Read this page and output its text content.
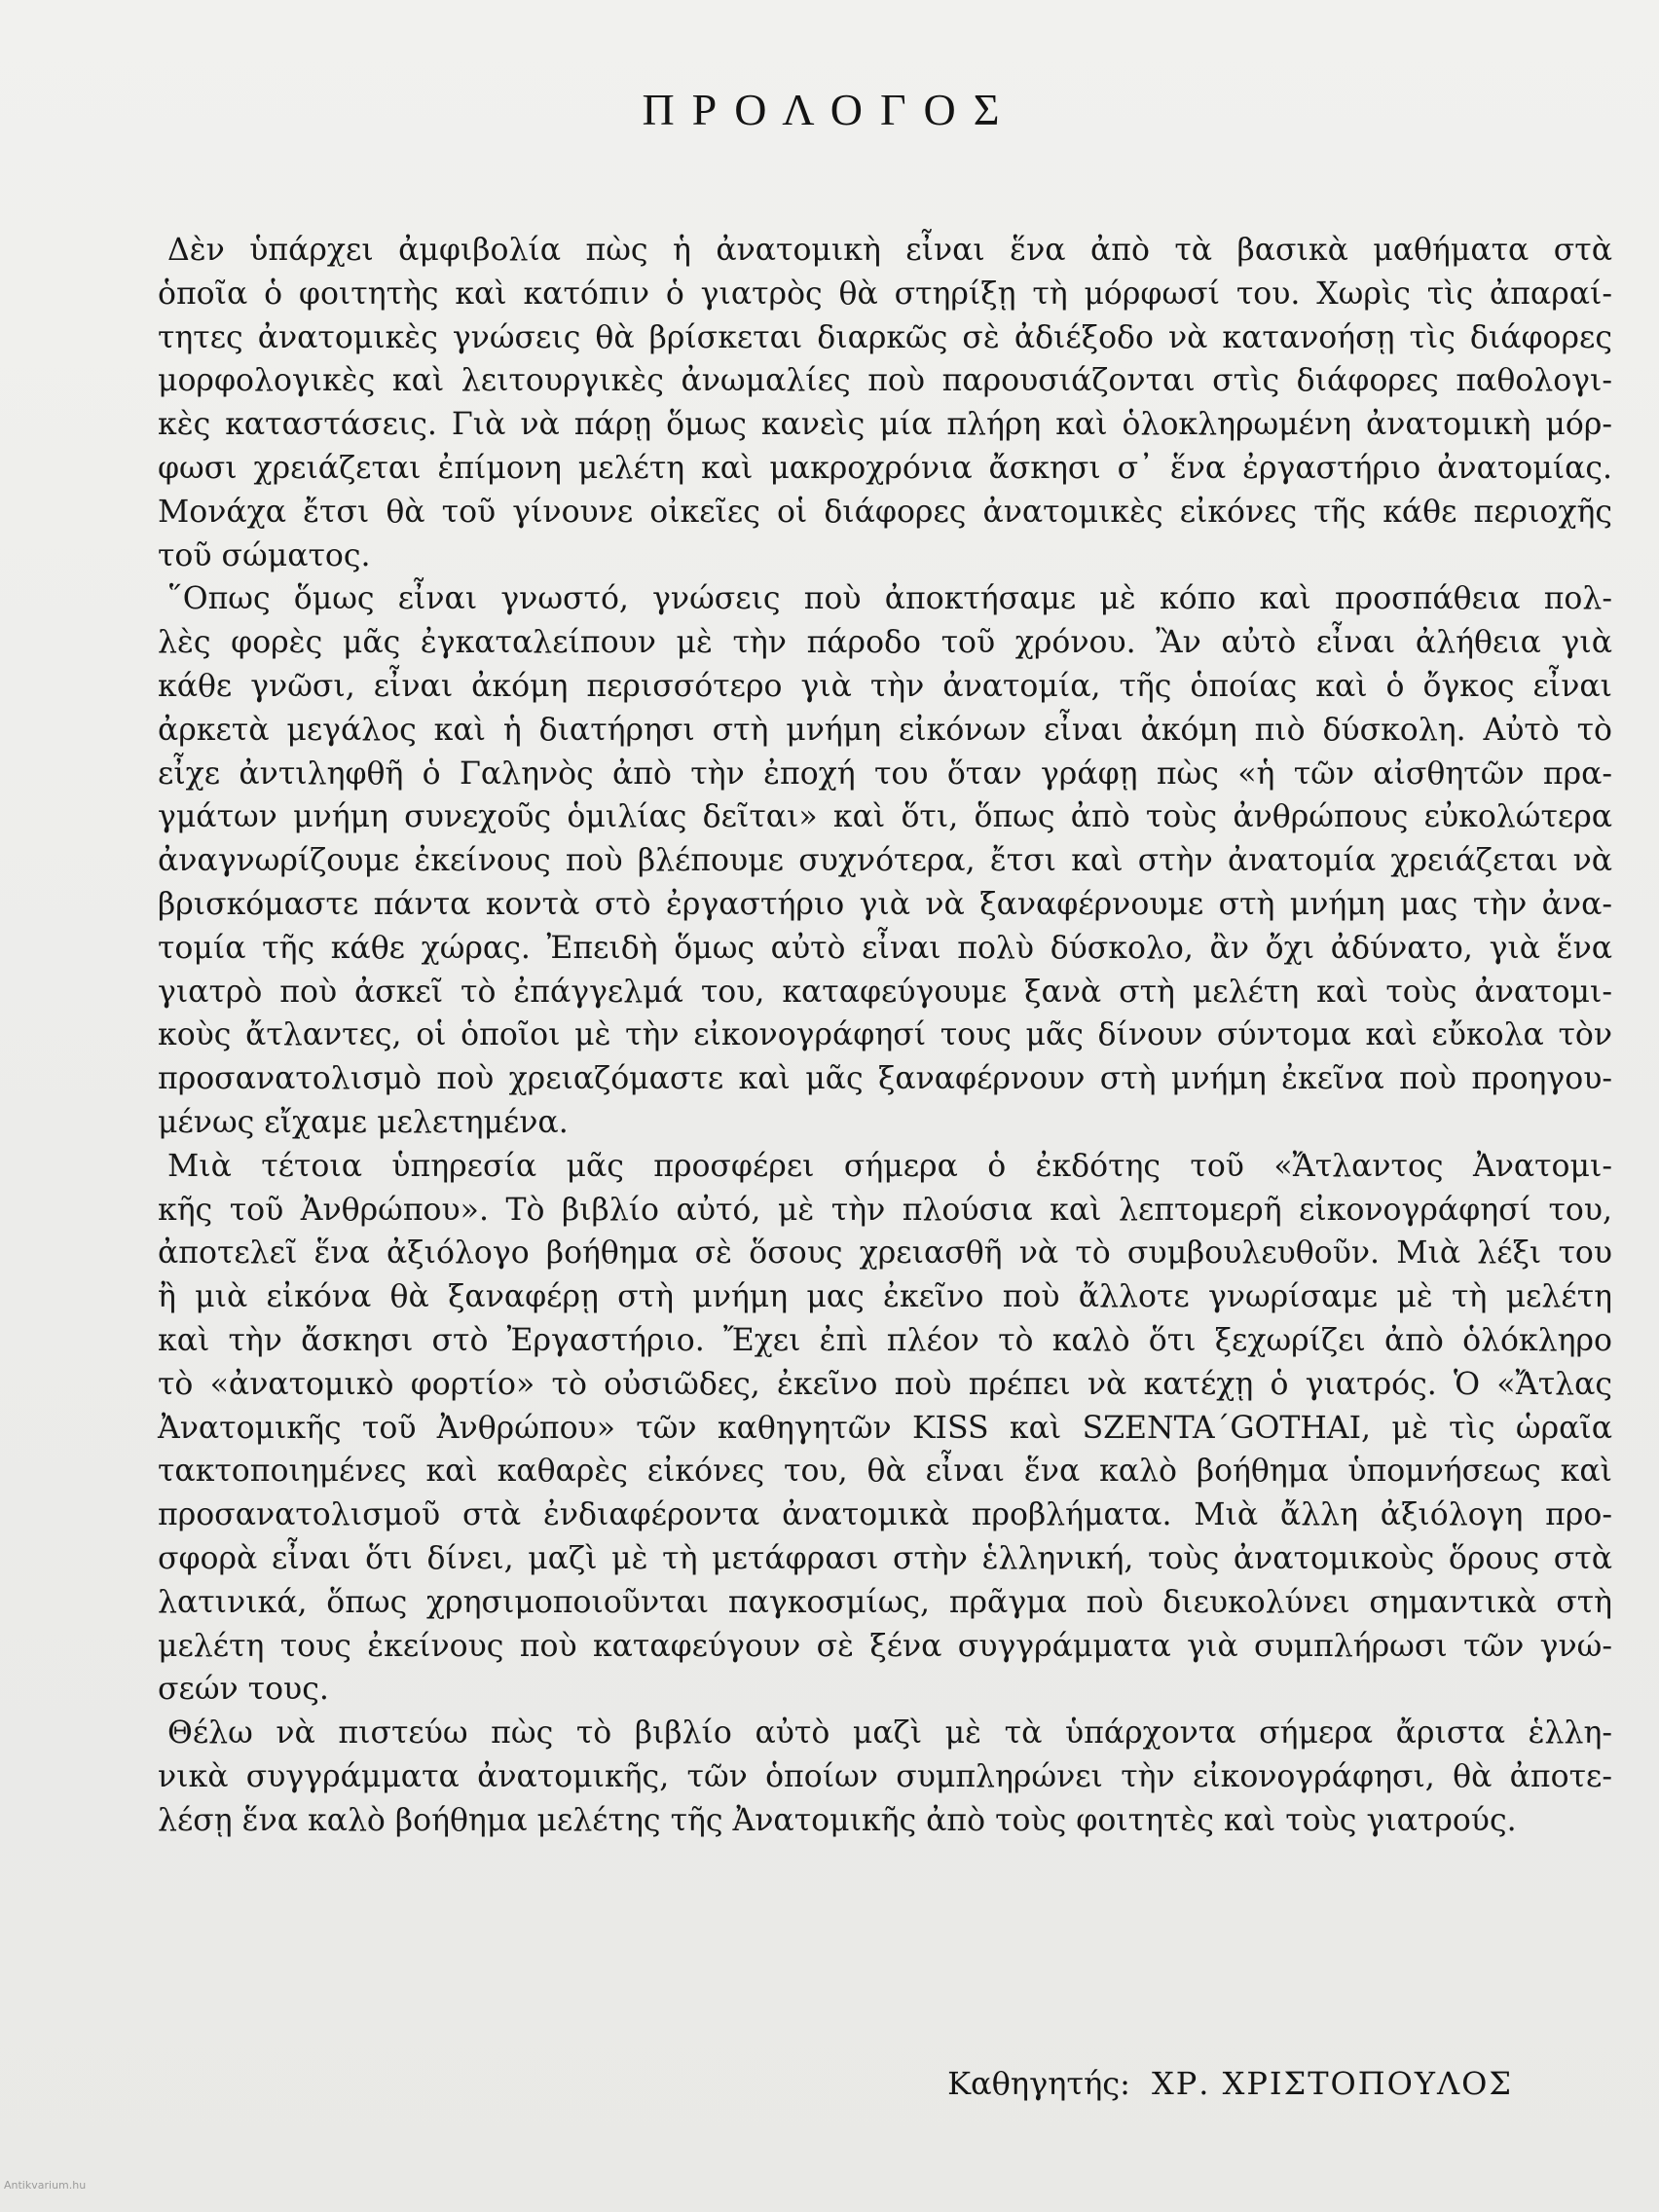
ΠΡΟΛΟΓΟΣ
Δὲν ὑπάρχει ἀμφιβολία πὼς ἡ ἀνατομικὴ εἶναι ἕνα ἀπὸ τὰ βασικὰ μαθήματα στὰ
ὁποῖα ὁ φοιτητὴς καὶ κατόπιν ὁ γιατρὸς θὰ στηρίξῃ τὴ μόρφωσί του. Χωρὶς τὶς ἀπαραί-
τητες ἀνατομικὲς γνώσεις θὰ βρίσκεται διαρκῶς σὲ ἀδιέξοδο νὰ κατανοήσῃ τὶς διάφορες
μορφολογικὲς καὶ λειτουργικὲς ἀνωμαλίες ποὺ παρουσιάζονται στὶς διάφορες παθολογι-
κὲς καταστάσεις. Γιὰ νὰ πάρῃ ὅμως κανεὶς μία πλήρη καὶ ὁλοκληρωμένη ἀνατομικὴ μόρ-
φωσι χρειάζεται ἐπίμονη μελέτη καὶ μακροχρόνια ἄσκησι σ᾽ ἕνα ἐργαστήριο ἀνατομίας.
Μονάχα ἔτσι θὰ τοῦ γίνουνε οἰκεῖες οἱ διάφορες ἀνατομικὲς εἰκόνες τῆς κάθε περιοχῆς
τοῦ σώματος.
῞Οπως ὅμως εἶναι γνωστό, γνώσεις ποὺ ἀποκτήσαμε μὲ κόπο καὶ προσπάθεια πολ-
λὲς φορὲς μᾶς ἐγκαταλείπουν μὲ τὴν πάροδο τοῦ χρόνου. Ἂν αὐτὸ εἶναι ἀλήθεια γιὰ
κάθε γνῶσι, εἶναι ἀκόμη περισσότερο γιὰ τὴν ἀνατομία, τῆς ὁποίας καὶ ὁ ὄγκος εἶναι
ἀρκετὰ μεγάλος καὶ ἡ διατήρησι στὴ μνήμη εἰκόνων εἶναι ἀκόμη πιὸ δύσκολη. Αὐτὸ τὸ
εἶχε ἀντιληφθῆ ὁ Γαληνὸς ἀπὸ τὴν ἐποχή του ὅταν γράφῃ πὼς «ἡ τῶν αἰσθητῶν πρα-
γμάτων μνήμη συνεχοῦς ὁμιλίας δεῖται» καὶ ὅτι, ὅπως ἀπὸ τοὺς ἀνθρώπους εὐκολώτερα
ἀναγνωρίζουμε ἐκείνους ποὺ βλέπουμε συχνότερα, ἔτσι καὶ στὴν ἀνατομία χρειάζεται νὰ
βρισκόμαστε πάντα κοντὰ στὸ ἐργαστήριο γιὰ νὰ ξαναφέρνουμε στὴ μνήμη μας τὴν ἀνα-
τομία τῆς κάθε χώρας. Ἐπειδὴ ὅμως αὐτὸ εἶναι πολὺ δύσκολο, ἂν ὄχι ἀδύνατο, γιὰ ἕνα
γιατρὸ ποὺ ἀσκεῖ τὸ ἐπάγγελμά του, καταφεύγουμε ξανὰ στὴ μελέτη καὶ τοὺς ἀνατομι-
κοὺς ἄτλαντες, οἱ ὁποῖοι μὲ τὴν εἰκονογράφησί τους μᾶς δίνουν σύντομα καὶ εὔκολα τὸν
προσανατολισμὸ ποὺ χρειαζόμαστε καὶ μᾶς ξαναφέρνουν στὴ μνήμη ἐκεῖνα ποὺ προηγου-
μένως εἴχαμε μελετημένα.
Μιὰ τέτοια ὑπηρεσία μᾶς προσφέρει σήμερα ὁ ἐκδότης τοῦ «Ἄτλαντος Ἀνατομι-
κῆς τοῦ Ἀνθρώπου». Τὸ βιβλίο αὐτό, μὲ τὴν πλούσια καὶ λεπτομερῆ εἰκονογράφησί του,
ἀποτελεῖ ἕνα ἀξιόλογο βοήθημα σὲ ὅσους χρειασθῆ νὰ τὸ συμβουλευθοῦν. Μιὰ λέξι του
ἢ μιὰ εἰκόνα θὰ ξαναφέρῃ στὴ μνήμη μας ἐκεῖνο ποὺ ἄλλοτε γνωρίσαμε μὲ τὴ μελέτη
καὶ τὴν ἄσκησι στὸ Ἐργαστήριο. Ἔχει ἐπὶ πλέον τὸ καλὸ ὅτι ξεχωρίζει ἀπὸ ὁλόκληρο
τὸ «ἀνατομικὸ φορτίο» τὸ οὐσιῶδες, ἐκεῖνο ποὺ πρέπει νὰ κατέχῃ ὁ γιατρός. Ὁ «Ἄτλας
Ἀνατομικῆς τοῦ Ἀνθρώπου» τῶν καθηγητῶν KISS καὶ SZENTA´GOTHAI, μὲ τὶς ὡραῖα
τακτοποιημένες καὶ καθαρὲς εἰκόνες του, θὰ εἶναι ἕνα καλὸ βοήθημα ὑπομνήσεως καὶ
προσανατολισμοῦ στὰ ἐνδιαφέροντα ἀνατομικὰ προβλήματα. Μιὰ ἄλλη ἀξιόλογη προ-
σφορὰ εἶναι ὅτι δίνει, μαζὶ μὲ τὴ μετάφρασι στὴν ἑλληνική, τοὺς ἀνατομικοὺς ὅρους στὰ
λατινικά, ὅπως χρησιμοποιοῦνται παγκοσμίως, πρᾶγμα ποὺ διευκολύνει σημαντικὰ στὴ
μελέτη τους ἐκείνους ποὺ καταφεύγουν σὲ ξένα συγγράμματα γιὰ συμπλήρωσι τῶν γνώ-
σεών τους.
Θέλω νὰ πιστεύω πὼς τὸ βιβλίο αὐτὸ μαζὶ μὲ τὰ ὑπάρχοντα σήμερα ἄριστα ἑλλη-
νικὰ συγγράμματα ἀνατομικῆς, τῶν ὁποίων συμπληρώνει τὴν εἰκονογράφησι, θὰ ἀποτε-
λέσῃ ἕνα καλὸ βοήθημα μελέτης τῆς Ἀνατομικῆς ἀπὸ τοὺς φοιτητὲς καὶ τοὺς γιατρούς.

Καθηγητής: ΧΡ. ΧΡΙΣΤΟΠΟΥΛΟΣ

Antikvarium.hu
